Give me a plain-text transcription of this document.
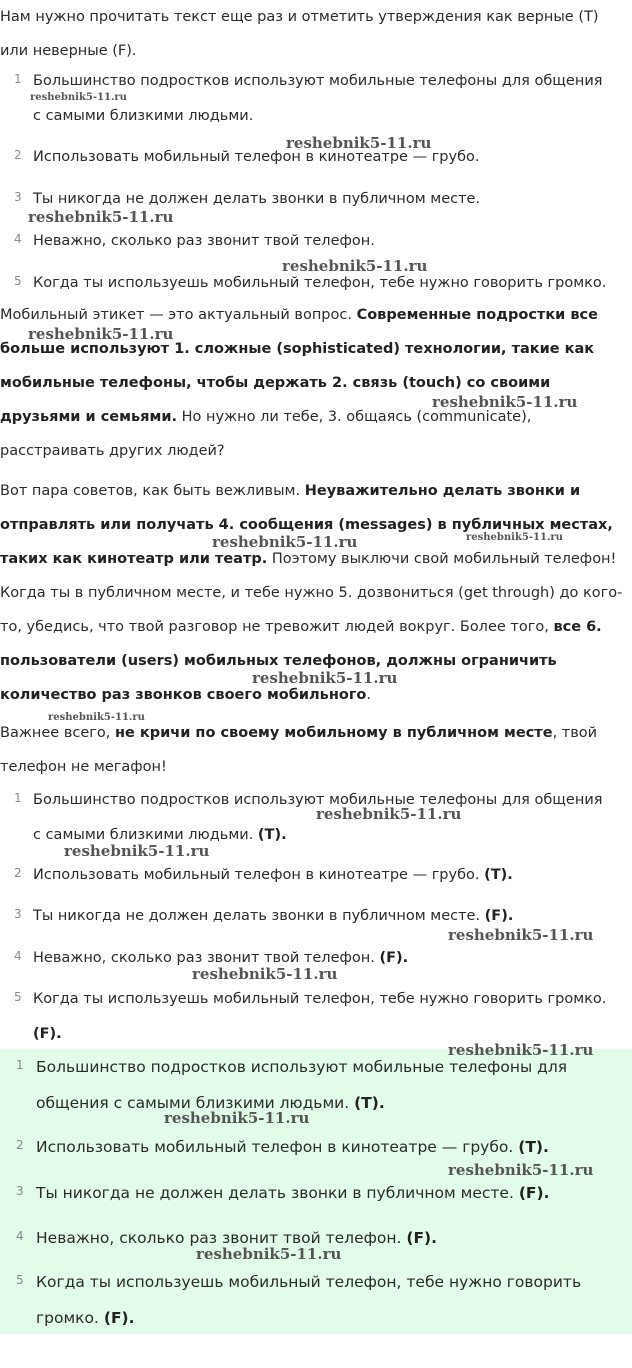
Нам нужно прочитать текст еще раз и отметить утверждения как верные (T)
или неверные (F).

1 Большинство подростков используют мобильные телефоны для общения
с самыми близкими людьми.
2 Использовать мобильный телефон в кинотеатре — грубо.
3 Ты никогда не должен делать звонки в публичном месте.
4 Неважно, сколько раз звонит твой телефон.
5 Когда ты используешь мобильный телефон, тебе нужно говорить громко.

Мобильный этикет — это актуальный вопрос. Современные подростки все больше используют 1. сложные (sophisticated) технологии, такие как мобильные телефоны, чтобы держать 2. связь (touch) со своими друзьями и семьями. Но нужно ли тебе, 3. общаясь (communicate), расстраивать других людей?

Вот пара советов, как быть вежливым. Неуважительно делать звонки и отправлять или получать 4. сообщения (messages) в публичных местах, таких как кинотеатр или театр. Поэтому выключи свой мобильный телефон! Когда ты в публичном месте, и тебе нужно 5. дозвониться (get through) до кого-то, убедись, что твой разговор не тревожит людей вокруг. Более того, все 6. пользователи (users) мобильных телефонов, должны ограничить количество раз звонков своего мобильного.

Важнее всего, не кричи по своему мобильному в публичном месте, твой телефон не мегафон!

1 Большинство подростков используют мобильные телефоны для общения
с самыми близкими людьми. (T).
2 Использовать мобильный телефон в кинотеатре — грубо. (T).
3 Ты никогда не должен делать звонки в публичном месте. (F).
4 Неважно, сколько раз звонит твой телефон. (F).
5 Когда ты используешь мобильный телефон, тебе нужно говорить громко.
(F).
1 Большинство подростков используют мобильные телефоны для
общения с самыми близкими людьми. (T).
2 Использовать мобильный телефон в кинотеатре — грубо. (T).
3 Ты никогда не должен делать звонки в публичном месте. (F).
4 Неважно, сколько раз звонит твой телефон. (F).
5 Когда ты используешь мобильный телефон, тебе нужно говорить
громко. (F).
reshebnik5-11.ru
reshebnik5-11.ru
reshebnik5-11.ru
reshebnik5-11.ru
reshebnik5-11.ru
reshebnik5-11.ru
reshebnik5-11.ru	reshebnik5-11.ru
reshebnik5-11.ru
reshebnik5-11.ru
reshebnik5-11.ru
reshebnik5-11.ru
reshebnik5-11.ru
reshebnik5-11.ru
reshebnik5-11.ru
reshebnik5-11.ru
reshebnik5-11.ru
reshebnik5-11.ru
